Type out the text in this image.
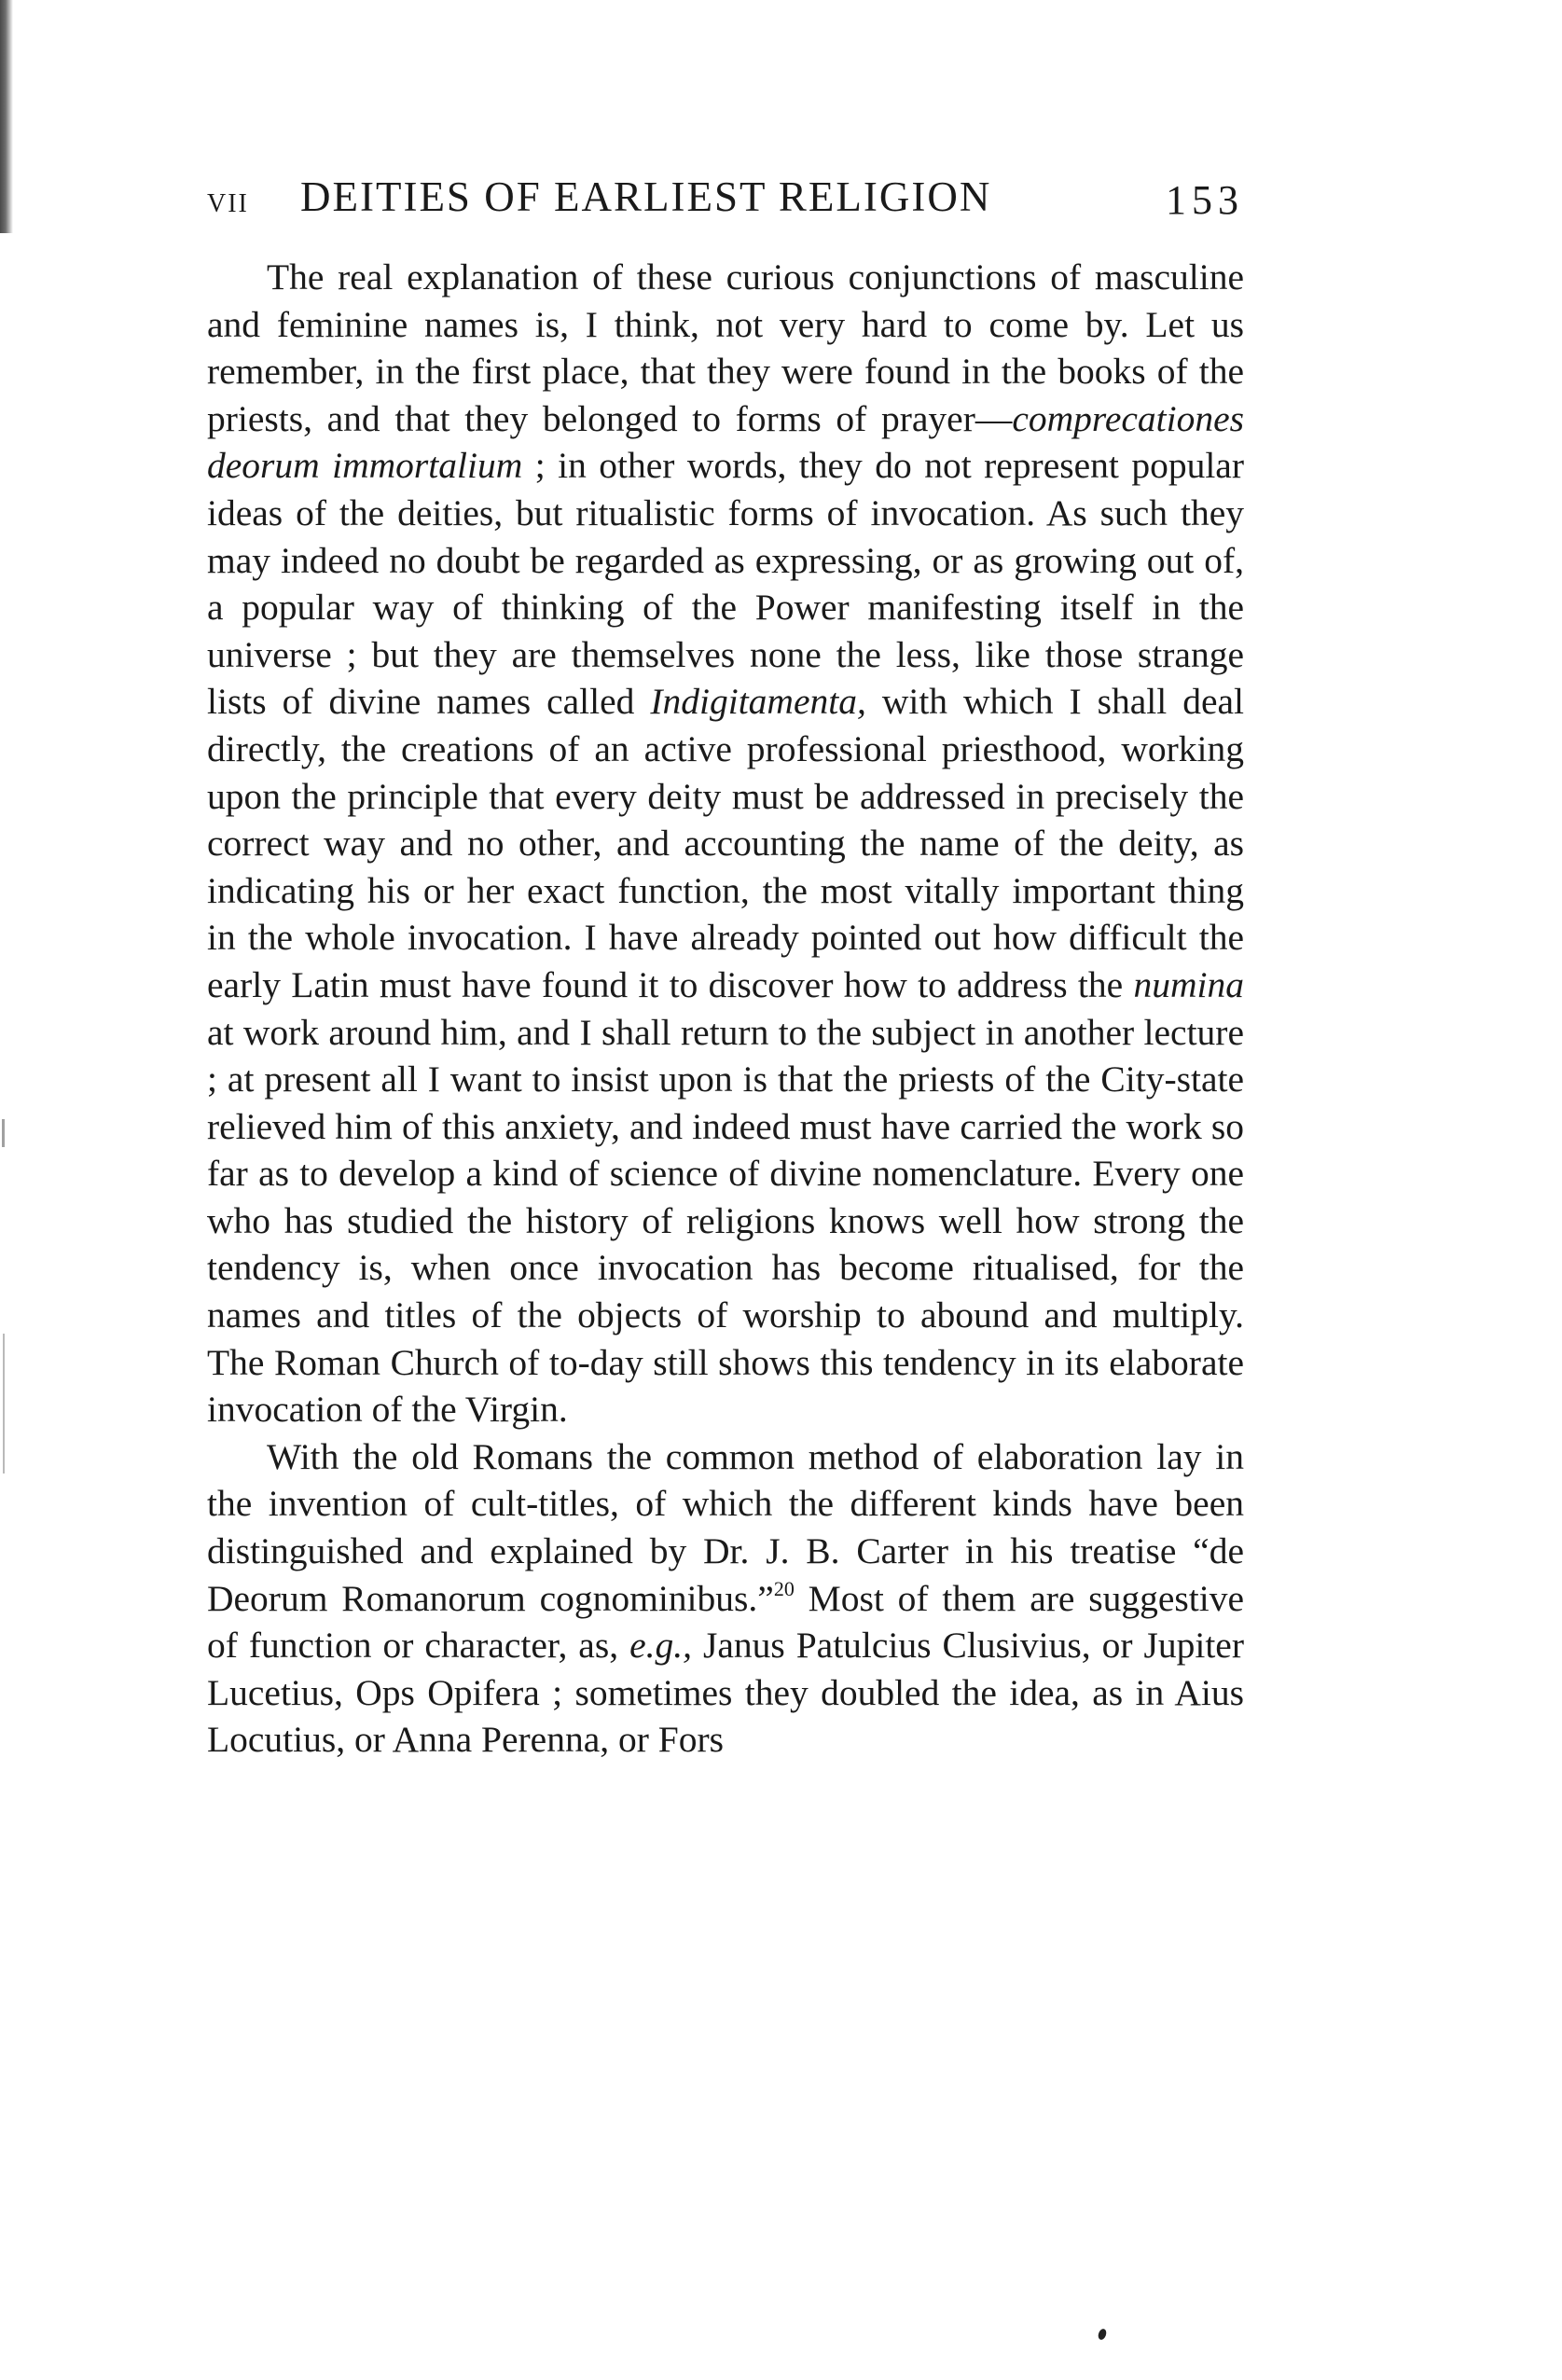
VII DEITIES OF EARLIEST RELIGION	153

The real explanation of these curious conjunctions of masculine and feminine names is, I think, not very hard to come by. Let us remember, in the first place, that they were found in the books of the priests, and that they belonged to forms of prayer—comprecationes deorum immortalium ; in other words, they do not represent popular ideas of the deities, but ritualistic forms of invocation. As such they may indeed no doubt be regarded as expressing, or as growing out of, a popular way of thinking of the Power manifesting itself in the universe ; but they are themselves none the less, like those strange lists of divine names called Indigitamenta, with which I shall deal directly, the creations of an active professional priesthood, working upon the principle that every deity must be addressed in precisely the correct way and no other, and accounting the name of the deity, as indicating his or her exact function, the most vitally important thing in the whole invocation. I have already pointed out how difficult the early Latin must have found it to discover how to address the numina at work around him, and I shall return to the subject in another lecture ; at present all I want to insist upon is that the priests of the City-state relieved him of this anxiety, and indeed must have carried the work so far as to develop a kind of science of divine nomenclature. Every one who has studied the history of religions knows well how strong the tendency is, when once invocation has become ritualised, for the names and titles of the objects of worship to abound and multiply. The Roman Church of to-day still shows this tendency in its elaborate invocation of the Virgin.

With the old Romans the common method of elaboration lay in the invention of cult-titles, of which the different kinds have been distinguished and explained by Dr. J. B. Carter in his treatise “de Deorum Romanorum cognominibus.”$^{20}$ Most of them are suggestive of function or character, as, e.g., Janus Patulcius Clusivius, or Jupiter Lucetius, Ops Opifera ; sometimes they doubled the idea, as in Aius Locutius, or Anna Perenna, or Fors
